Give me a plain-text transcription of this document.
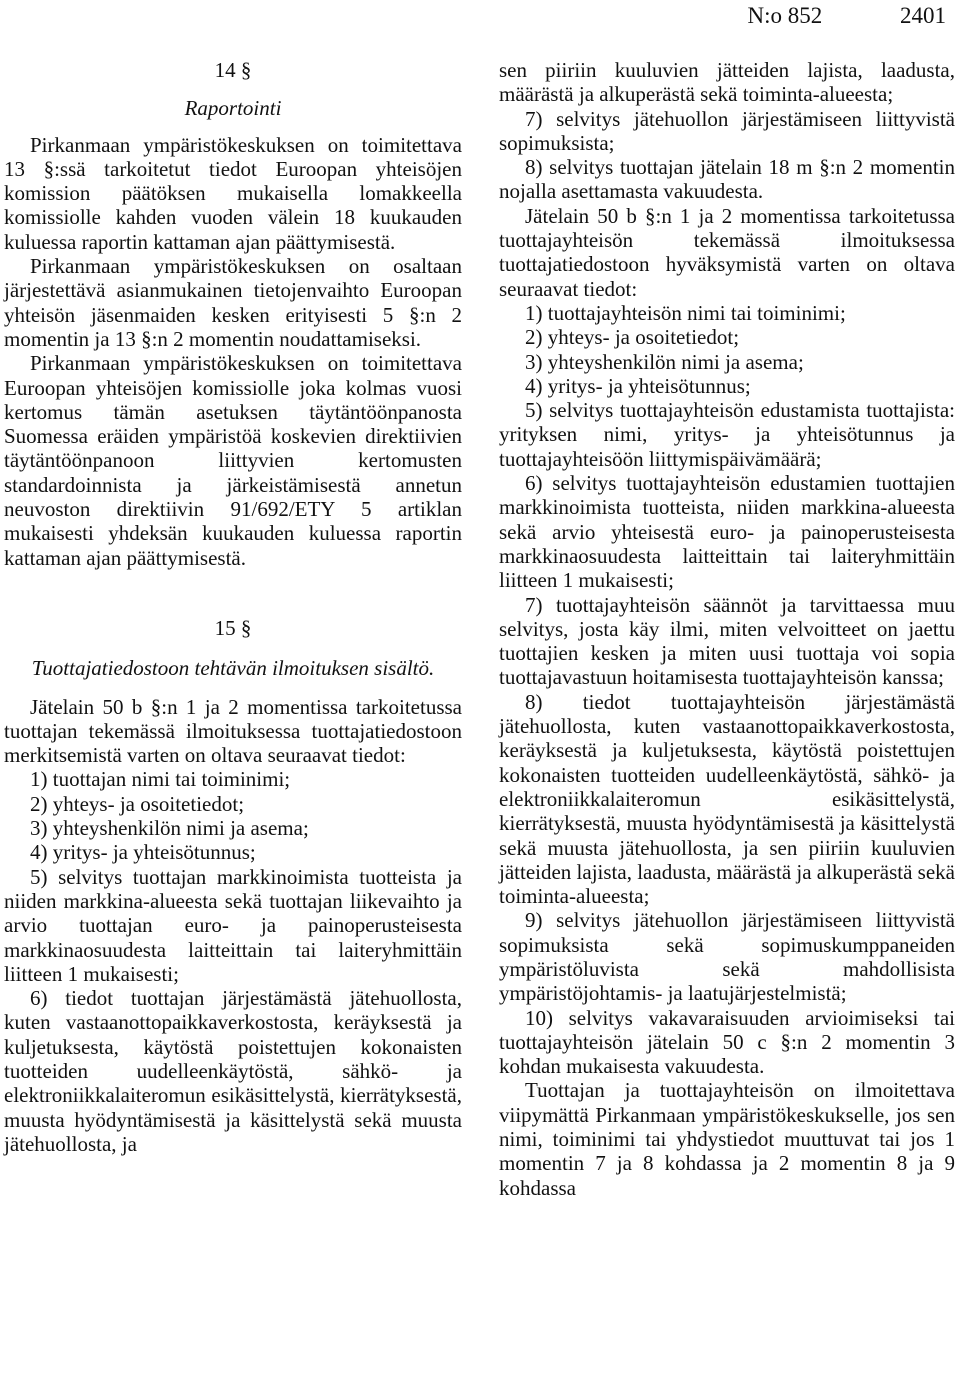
N:o 852	2401
14 §
Raportointi

Pirkanmaan ympäristökeskuksen on toimitettava 13 §:ssä tarkoitetut tiedot Euroopan yhteisöjen komission päätöksen mukaisella lomakkeella komissiolle kahden vuoden välein 18 kuukauden kuluessa raportin kattaman ajan päättymisestä.

Pirkanmaan ympäristökeskuksen on osaltaan järjestettävä asianmukainen tietojenvaihto Euroopan yhteisön jäsenmaiden kesken erityisesti 5 §:n 2 momentin ja 13 §:n 2 momentin noudattamiseksi.

Pirkanmaan ympäristökeskuksen on toimitettava Euroopan yhteisöjen komissiolle joka kolmas vuosi kertomus tämän asetuksen täytäntöönpanosta Suomessa eräiden ympäristöä koskevien direktiivien täytäntöönpanoon liittyvien kertomusten standardoinnista ja järkeistämisestä annetun neuvoston direktiivin 91/692/ETY 5 artiklan mukaisesti yhdeksän kuukauden kuluessa raportin kattaman ajan päättymisestä.

15 §
Tuottajatiedostoon tehtävän ilmoituksen sisältö.

Jätelain 50 b §:n 1 ja 2 momentissa tarkoitetussa tuottajan tekemässä ilmoituksessa tuottajatiedostoon merkitsemistä varten on oltava seuraavat tiedot:

1) tuottajan nimi tai toiminimi;

2) yhteys- ja osoitetiedot;

3) yhteyshenkilön nimi ja asema;

4) yritys- ja yhteisötunnus;

5) selvitys tuottajan markkinoimista tuotteista ja niiden markkina-alueesta sekä tuottajan liikevaihto ja arvio tuottajan euro- ja painoperusteisesta markkinaosuudesta laitteittain tai laiteryhmittäin liitteen 1 mukaisesti;

6) tiedot tuottajan järjestämästä jätehuollosta, kuten vastaanottopaikkaverkostosta, keräyksestä ja kuljetuksesta, käytöstä poistettujen kokonaisten tuotteiden uudelleenkäytöstä, sähkö- ja elektroniikkalaiteromun esikäsittelystä, kierrätyksestä, muusta hyödyntämisestä ja käsittelystä sekä muusta jätehuollosta, ja

sen piiriin kuuluvien jätteiden lajista, laadusta, määrästä ja alkuperästä sekä toiminta-alueesta;

7) selvitys jätehuollon järjestämiseen liittyvistä sopimuksista;

8) selvitys tuottajan jätelain 18 m §:n 2 momentin nojalla asettamasta vakuudesta.

Jätelain 50 b §:n 1 ja 2 momentissa tarkoitetussa tuottajayhteisön tekemässä ilmoituksessa tuottajatiedostoon hyväksymistä varten on oltava seuraavat tiedot:

1) tuottajayhteisön nimi tai toiminimi;

2) yhteys- ja osoitetiedot;

3) yhteyshenkilön nimi ja asema;

4) yritys- ja yhteisötunnus;

5) selvitys tuottajayhteisön edustamista tuottajista: yrityksen nimi, yritys- ja yhteisötunnus ja tuottajayhteisöön liittymispäivämäärä;

6) selvitys tuottajayhteisön edustamien tuottajien markkinoimista tuotteista, niiden markkina-alueesta sekä arvio yhteisestä euro- ja painoperusteisesta markkinaosuudesta laitteittain tai laiteryhmittäin liitteen 1 mukaisesti;

7) tuottajayhteisön säännöt ja tarvittaessa muu selvitys, josta käy ilmi, miten velvoitteet on jaettu tuottajien kesken ja miten uusi tuottaja voi sopia tuottajavastuun hoitamisesta tuottajayhteisön kanssa;

8) tiedot tuottajayhteisön järjestämästä jätehuollosta, kuten vastaanottopaikkaverkostosta, keräyksestä ja kuljetuksesta, käytöstä poistettujen kokonaisten tuotteiden uudelleenkäytöstä, sähkö- ja elektroniikkalaiteromun esikäsittelystä, kierrätyksestä, muusta hyödyntämisestä ja käsittelystä sekä muusta jätehuollosta, ja sen piiriin kuuluvien jätteiden lajista, laadusta, määrästä ja alkuperästä sekä toiminta-alueesta;

9) selvitys jätehuollon järjestämiseen liittyvistä sopimuksista sekä sopimuskumppaneiden ympäristöluvista sekä mahdollisista ympäristöjohtamis- ja laatujärjestelmistä;

10) selvitys vakavaraisuuden arvioimiseksi tai tuottajayhteisön jätelain 50 c §:n 2 momentin 3 kohdan mukaisesta vakuudesta.

Tuottajan ja tuottajayhteisön on ilmoitettava viipymättä Pirkanmaan ympäristökeskukselle, jos sen nimi, toiminimi tai yhdystiedot muuttuvat tai jos 1 momentin 7 ja 8 kohdassa ja 2 momentin 8 ja 9 kohdassa
